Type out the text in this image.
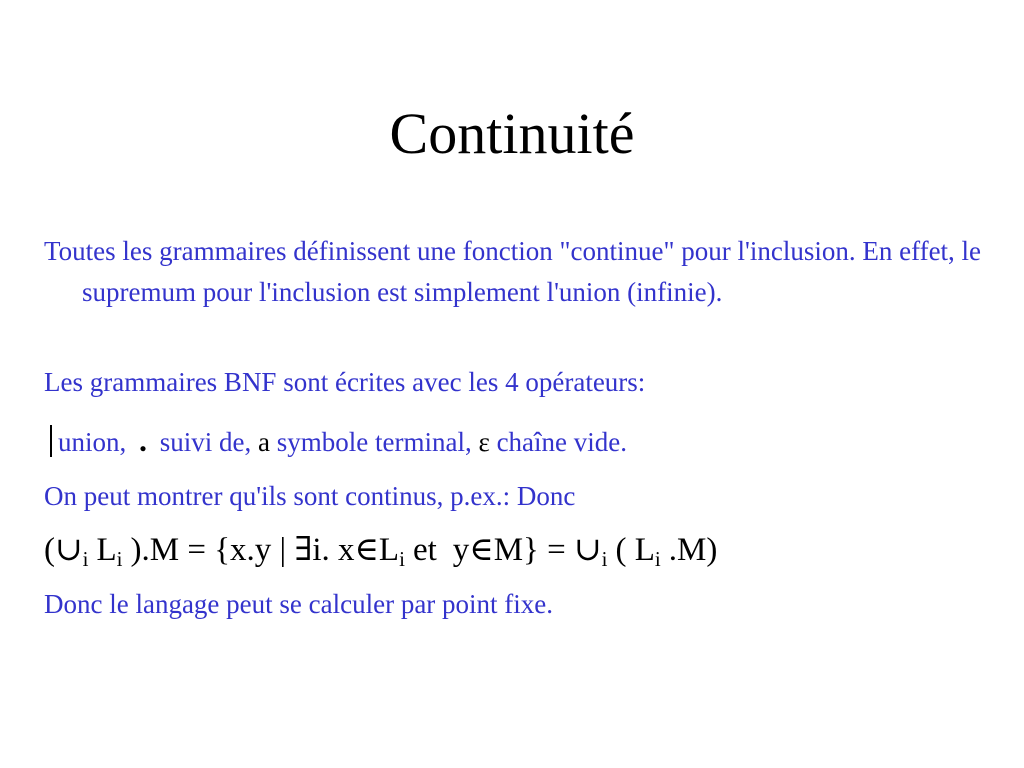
Continuité
Toutes les grammaires définissent une fonction "continue" pour l'inclusion. En effet, le supremum pour l'inclusion est simplement l'union (infinie).
Les grammaires BNF sont écrites avec les 4 opérateurs:
union, . suivi de, a symbole terminal, ε chaîne vide.
On peut montrer qu'ils sont continus, p.ex.: Donc
($\cup_i$ $L_i$ ).M = {x.y | ∃i. $x\in L_i$ et y∈M} = $\cup_i$ ( $L_i$ .M)
Donc le langage peut se calculer par point fixe.
